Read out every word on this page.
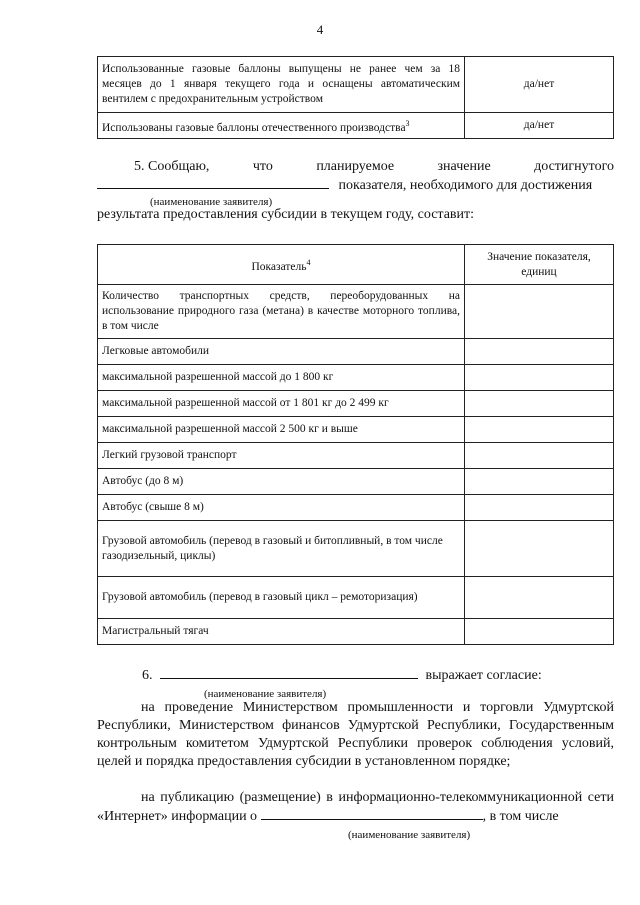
4
Использованные газовые баллоны выпущены не ранее чем за 18 месяцев до 1 января текущего года и оснащены автоматическим вентилем с предохранительным устройством	да/нет
Использованы газовые баллоны отечественного производства$^3$	да/нет
5. Сообщаю,	что	планируемое	значение	достигнутого
показателя, необходимого для достижения
(наименование заявителя)
результата предоставления субсидии в текущем году, составит:
Показатель$^4$	Значение показателя, единиц
Количество транспортных средств, переоборудованных на использование природного газа (метана) в качестве моторного топлива, в том числе	
Легковые автомобили	
максимальной разрешенной массой до 1 800 кг	
максимальной разрешенной массой от 1 801 кг до 2 499 кг	
максимальной разрешенной массой 2 500 кг и выше	
Легкий грузовой транспорт	
Автобус (до 8 м)	
Автобус (свыше 8 м)	
Грузовой автомобиль (перевод в газовый и битопливный, в том числе газодизельный, циклы)	
Грузовой автомобиль (перевод в газовый цикл – ремоторизация)	
Магистральный тягач	
6.	выражает согласие:
(наименование заявителя)
на проведение Министерством промышленности и торговли Удмуртской Республики, Министерством финансов Удмуртской Республики, Государственным контрольным комитетом Удмуртской Республики проверок соблюдения условий, целей и порядка предоставления субсидии в установленном порядке;
на публикацию (размещение) в информационно-телекоммуникационной сети «Интернет» информации о	, в том числе
(наименование заявителя)
